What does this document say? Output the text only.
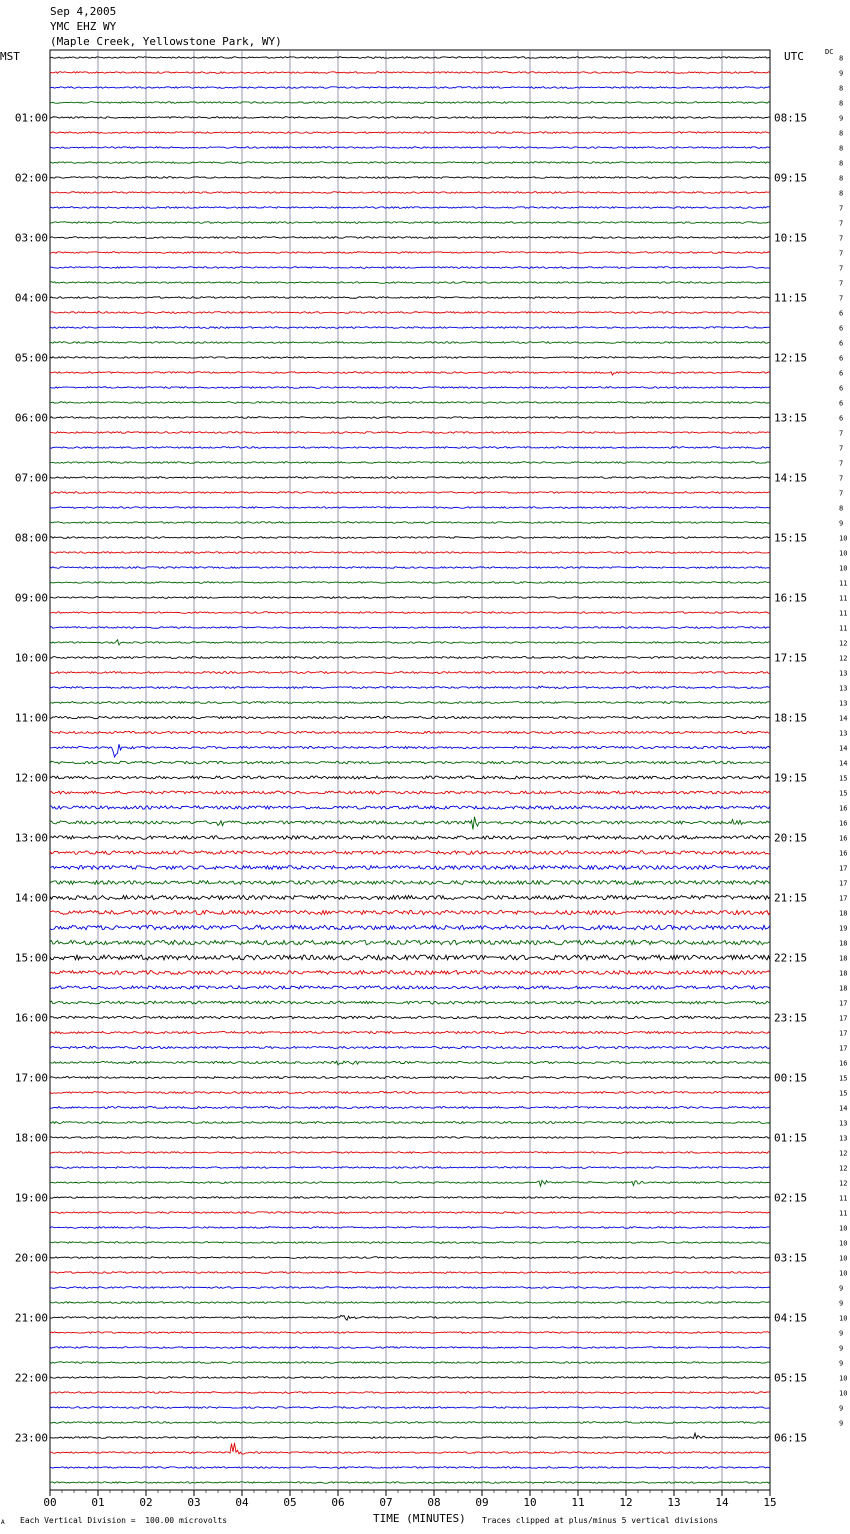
Sep 4,2005
YMC EHZ WY
(Maple Creek, Yellowstone Park, WY)
MST	UTC	DC
00	01	02	03	04	05	06	07	08	09	10	11	12	13	14	15
8
9
8
8
9
8
8
8
8
8
7
7
7
7
7
7
7
6
6
6
6
6
6
6
6
7
7
7
7
7
8
9
10
10
10
11
11
11
11
12
12
13
13
13
14
13
14
14
15
15
16
16
16
16
17
17
17
18
19
18
18
18
18
17
17
17
17
16
15
15
14
13
13
12
12
12
11
11
10
10
10
10
9
9
10
9
9
9
10
10
9
9
01:00	08:15
02:00	09:15
03:00	10:15
04:00	11:15
05:00	12:15
06:00	13:15
07:00	14:15
08:00	15:15
09:00	16:15
10:00	17:15
11:00	18:15
12:00	19:15
13:00	20:15
14:00	21:15
15:00	22:15
16:00	23:15
17:00	00:15
18:00	01:15
19:00	02:15
20:00	03:15
21:00	04:15
22:00	05:15
23:00	06:15
TIME (MINUTES)
Each Vertical Division =  100.00 microvolts	Traces clipped at plus/minus 5 vertical divisions
A
